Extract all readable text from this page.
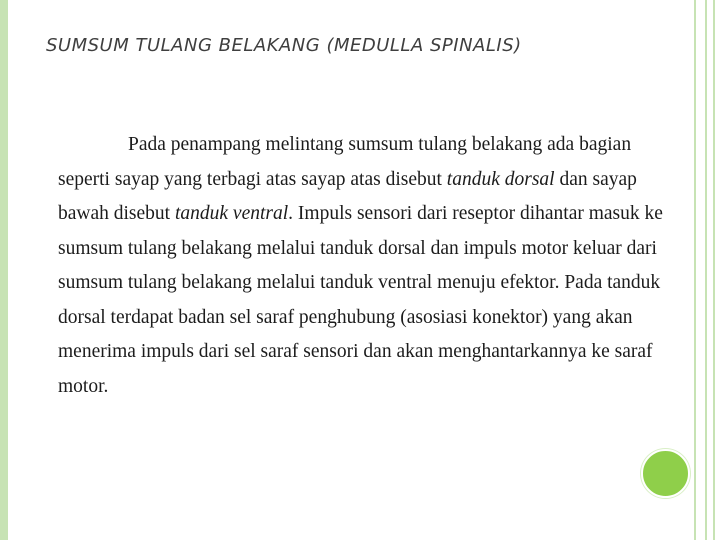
SUMSUM TULANG BELAKANG (MEDULLA SPINALIS)

Pada penampang melintang sumsum tulang belakang ada bagian seperti sayap yang terbagi atas sayap atas disebut tanduk dorsal dan sayap bawah disebut tanduk ventral. Impuls sensori dari reseptor dihantar masuk ke sumsum tulang belakang melalui tanduk dorsal dan impuls motor keluar dari sumsum tulang belakang melalui tanduk ventral menuju efektor. Pada tanduk dorsal terdapat badan sel saraf penghubung (asosiasi konektor) yang akan menerima impuls dari sel saraf sensori dan akan menghantarkannya ke saraf motor.
